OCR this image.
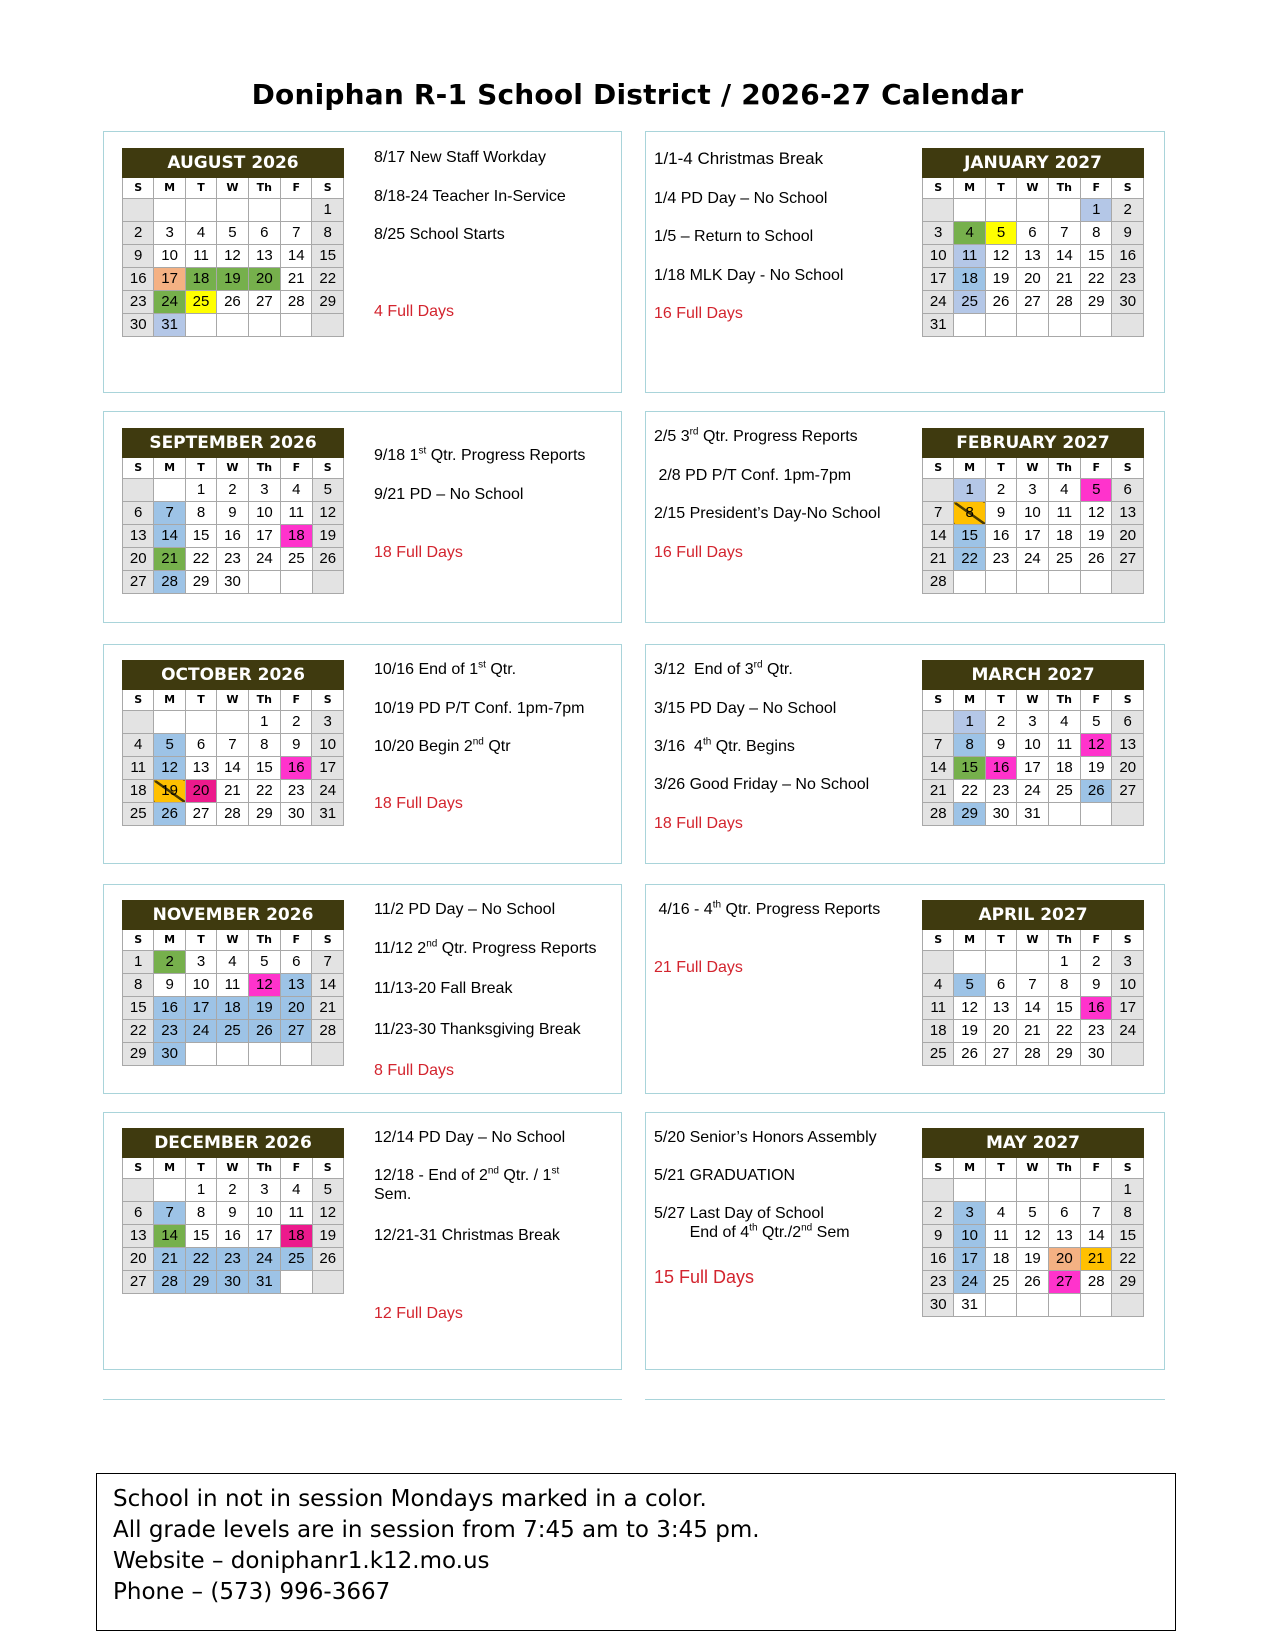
Doniphan R-1 School District / 2026-27 Calendar
AUGUST 2026						
S	M	T	W	Th	F	S
						1
2	3	4	5	6	7	8
9	10	11	12	13	14	15
16	17	18	19	20	21	22
23	24	25	26	27	28	29
30	31					
JANUARY 2027						
S	M	T	W	Th	F	S
					1	2
3	4	5	6	7	8	9
10	11	12	13	14	15	16
17	18	19	20	21	22	23
24	25	26	27	28	29	30
31						
SEPTEMBER 2026						
S	M	T	W	Th	F	S
		1	2	3	4	5
6	7	8	9	10	11	12
13	14	15	16	17	18	19
20	21	22	23	24	25	26
27	28	29	30			
FEBRUARY 2027						
S	M	T	W	Th	F	S
	1	2	3	4	5	6
7	8	9	10	11	12	13
14	15	16	17	18	19	20
21	22	23	24	25	26	27
28						
OCTOBER 2026						
S	M	T	W	Th	F	S
				1	2	3
4	5	6	7	8	9	10
11	12	13	14	15	16	17
18	19	20	21	22	23	24
25	26	27	28	29	30	31
MARCH 2027						
S	M	T	W	Th	F	S
	1	2	3	4	5	6
7	8	9	10	11	12	13
14	15	16	17	18	19	20
21	22	23	24	25	26	27
28	29	30	31			
NOVEMBER 2026						
S	M	T	W	Th	F	S
1	2	3	4	5	6	7
8	9	10	11	12	13	14
15	16	17	18	19	20	21
22	23	24	25	26	27	28
29	30					
APRIL 2027						
S	M	T	W	Th	F	S
				1	2	3
4	5	6	7	8	9	10
11	12	13	14	15	16	17
18	19	20	21	22	23	24
25	26	27	28	29	30	
DECEMBER 2026						
S	M	T	W	Th	F	S
		1	2	3	4	5
6	7	8	9	10	11	12
13	14	15	16	17	18	19
20	21	22	23	24	25	26
27	28	29	30	31		
MAY 2027						
S	M	T	W	Th	F	S
						1
2	3	4	5	6	7	8
9	10	11	12	13	14	15
16	17	18	19	20	21	22
23	24	25	26	27	28	29
30	31					
8/17 New Staff Workday
8/18-24 Teacher In-Service
8/25 School Starts
4 Full Days
1/1-4 Christmas Break
1/4 PD Day – No School
1/5 – Return to School
1/18 MLK Day - No School
16 Full Days
9/18 1st Qtr. Progress Reports
9/21 PD – No School
18 Full Days
2/5 3rd Qtr. Progress Reports
2/8 PD P/T Conf. 1pm-7pm
2/15 President’s Day-No School
16 Full Days
10/16 End of 1st Qtr.
10/19 PD P/T Conf. 1pm-7pm
10/20 Begin 2nd Qtr
18 Full Days
3/12  End of 3rd Qtr.
3/15 PD Day – No School
3/16  4th Qtr. Begins
3/26 Good Friday – No School
18 Full Days
11/2 PD Day – No School
11/12 2nd Qtr. Progress Reports
11/13-20 Fall Break
11/23-30 Thanksgiving Break
8 Full Days
4/16 - 4th Qtr. Progress Reports
21 Full Days
12/14 PD Day – No School
12/18 - End of 2nd Qtr. / 1st
Sem.
12/21-31 Christmas Break
12 Full Days
5/20 Senior’s Honors Assembly
5/21 GRADUATION
5/27 Last Day of School
End of 4th Qtr./2nd Sem
15 Full Days
School in not in session Mondays marked in a color.
All grade levels are in session from 7:45 am to 3:45 pm.
Website – doniphanr1.k12.mo.us
Phone – (573) 996-3667
